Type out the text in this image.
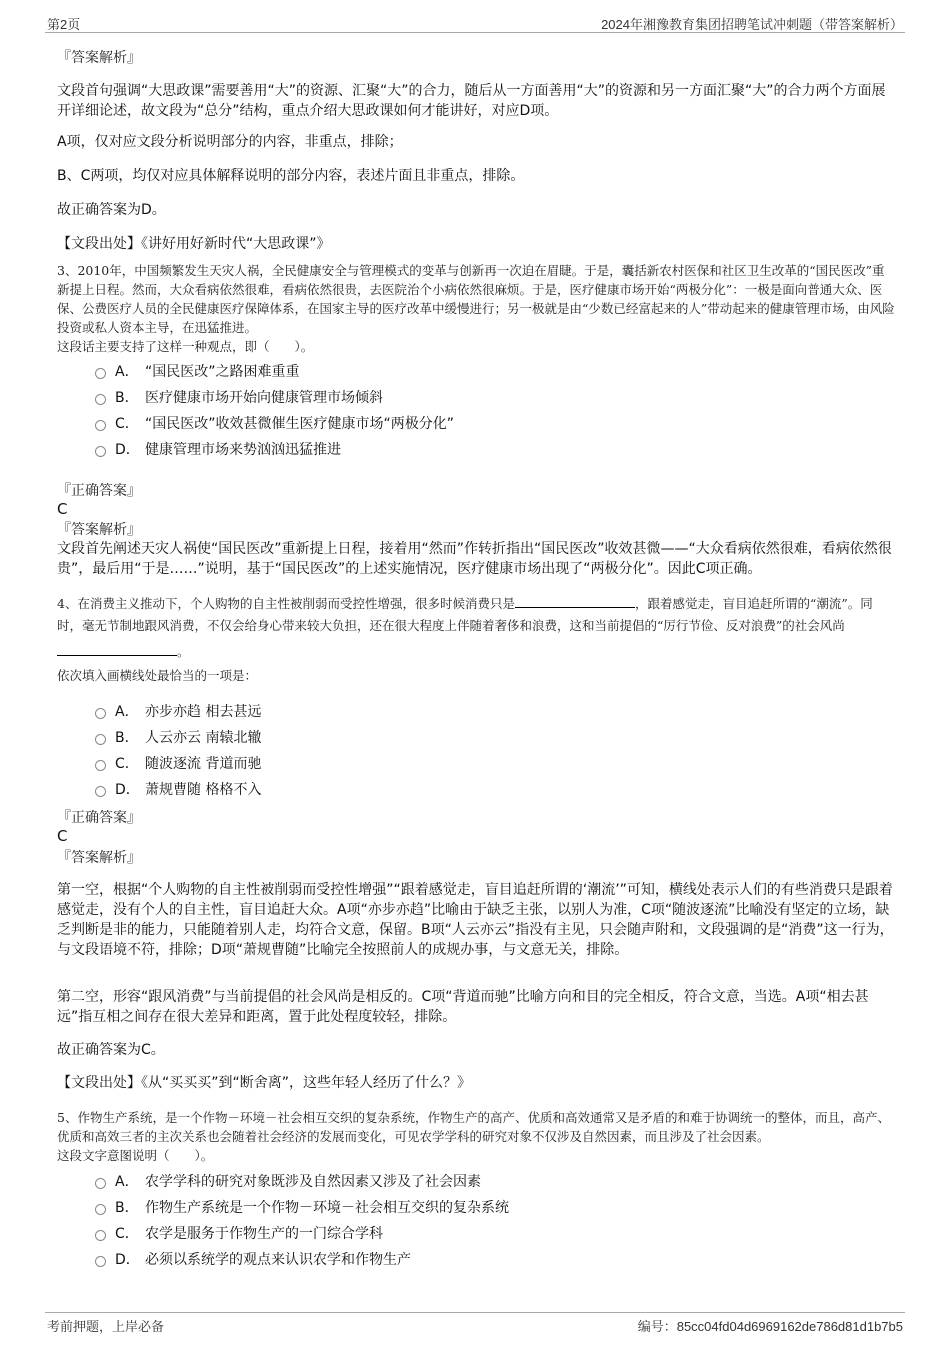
第2页	2024年湘豫教育集团招聘笔试冲刺题（带答案解析）
『答案解析』
文段首句强调“大思政课”需要善用“大”的资源、汇聚“大”的合力，随后从一方面善用“大”的资源和另一方面汇聚“大”的合力两个方面展开详细论述，故文段为“总分”结构，重点介绍大思政课如何才能讲好，对应D项。
A项，仅对应文段分析说明部分的内容，非重点，排除；
B、C两项，均仅对应具体解释说明的部分内容，表述片面且非重点，排除。
故正确答案为D。
【文段出处】《讲好用好新时代“大思政课”》
3、2010年，中国频繁发生天灾人祸，全民健康安全与管理模式的变革与创新再一次迫在眉睫。于是，囊括新农村医保和社区卫生改革的“国民医改”重新提上日程。然而，大众看病依然很难，看病依然很贵，去医院治个小病依然很麻烦。于是，医疗健康市场开始“两极分化”：一极是面向普通大众、医保、公费医疗人员的全民健康医疗保障体系，在国家主导的医疗改革中缓慢进行；另一极就是由“少数已经富起来的人”带动起来的健康管理市场，由风险投资或私人资本主导，在迅猛推进。
这段话主要支持了这样一种观点，即（　　）。
A． “国民医改”之路困难重重
B． 医疗健康市场开始向健康管理市场倾斜
C． “国民医改”收效甚微催生医疗健康市场“两极分化”
D． 健康管理市场来势汹汹迅猛推进
『正确答案』
C
『答案解析』
文段首先阐述天灾人祸使“国民医改”重新提上日程，接着用“然而”作转折指出“国民医改”收效甚微——“大众看病依然很难，看病依然很贵”，最后用“于是……”说明，基于“国民医改”的上述实施情况，医疗健康市场出现了“两极分化”。因此C项正确。
4、在消费主义推动下，个人购物的自主性被削弱而受控性增强，很多时候消费只是	，跟着感觉走，盲目追赶所谓的“潮流”。同时，毫无节制地跟风消费，不仅会给身心带来较大负担，还在很大程度上伴随着奢侈和浪费，这和当前提倡的“厉行节俭、反对浪费”的社会风尚
。
依次填入画横线处最恰当的一项是：
A． 亦步亦趋 相去甚远
B． 人云亦云 南辕北辙
C． 随波逐流 背道而驰
D． 萧规曹随 格格不入
『正确答案』
C
『答案解析』
第一空，根据“个人购物的自主性被削弱而受控性增强”“跟着感觉走，盲目追赶所谓的‘潮流’”可知，横线处表示人们的有些消费只是跟着感觉走，没有个人的自主性，盲目追赶大众。A项“亦步亦趋”比喻由于缺乏主张，以别人为准，C项“随波逐流”比喻没有坚定的立场，缺乏判断是非的能力，只能随着别人走，均符合文意，保留。B项“人云亦云”指没有主见，只会随声附和，文段强调的是“消费”这一行为，与文段语境不符，排除；D项“萧规曹随”比喻完全按照前人的成规办事，与文意无关，排除。
第二空，形容“跟风消费”与当前提倡的社会风尚是相反的。C项“背道而驰”比喻方向和目的完全相反，符合文意，当选。A项“相去甚远”指互相之间存在很大差异和距离，置于此处程度较轻，排除。
故正确答案为C。
【文段出处】《从“买买买”到“断舍离”，这些年轻人经历了什么？》
5、作物生产系统，是一个作物－环境－社会相互交织的复杂系统，作物生产的高产、优质和高效通常又是矛盾的和难于协调统一的整体，而且，高产、优质和高效三者的主次关系也会随着社会经济的发展而变化，可见农学学科的研究对象不仅涉及自然因素，而且涉及了社会因素。
这段文字意图说明（　　）。
A． 农学学科的研究对象既涉及自然因素又涉及了社会因素
B． 作物生产系统是一个作物－环境－社会相互交织的复杂系统
C． 农学是服务于作物生产的一门综合学科
D． 必须以系统学的观点来认识农学和作物生产
考前押题，上岸必备	编号：85cc04fd04d6969162de786d81d1b7b5
